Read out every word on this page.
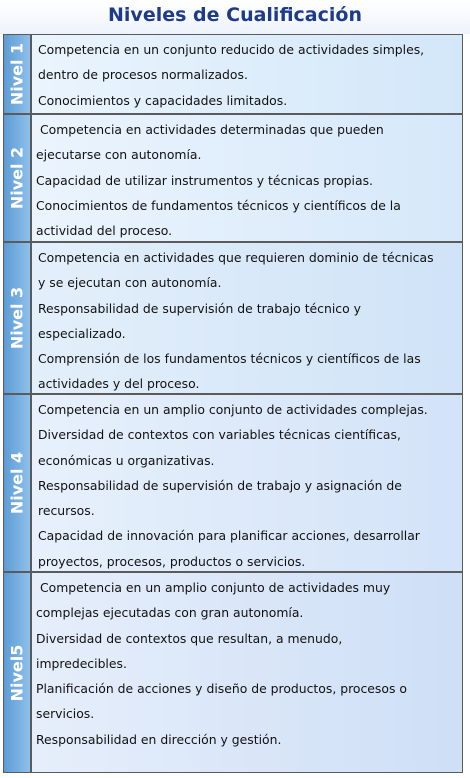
Niveles de Cualificación
Nivel 1 Competencia en un conjunto reducido de actividades simples,
dentro de procesos normalizados.
Conocimientos y capacidades limitados.
Nivel 2
Competencia en actividades determinadas que pueden
ejecutarse con autonomía.
Capacidad de utilizar instrumentos y técnicas propias.
Conocimientos de fundamentos técnicos y científicos de la
actividad del proceso.
Nivel 3
Competencia en actividades que requieren dominio de técnicas
y se ejecutan con autonomía.
Responsabilidad de supervisión de trabajo técnico y
especializado.
Comprensión de los fundamentos técnicos y científicos de las
actividades y del proceso.
Nivel 4
Competencia en un amplio conjunto de actividades complejas.
Diversidad de contextos con variables técnicas científicas,
económicas u organizativas.
Responsabilidad de supervisión de trabajo y asignación de
recursos.
Capacidad de innovación para planificar acciones, desarrollar
proyectos, procesos, productos o servicios.
Nivel5
Competencia en un amplio conjunto de actividades muy
complejas ejecutadas con gran autonomía.
Diversidad de contextos que resultan, a menudo,
impredecibles.
Planificación de acciones y diseño de productos, procesos o
servicios.
Responsabilidad en dirección y gestión.
